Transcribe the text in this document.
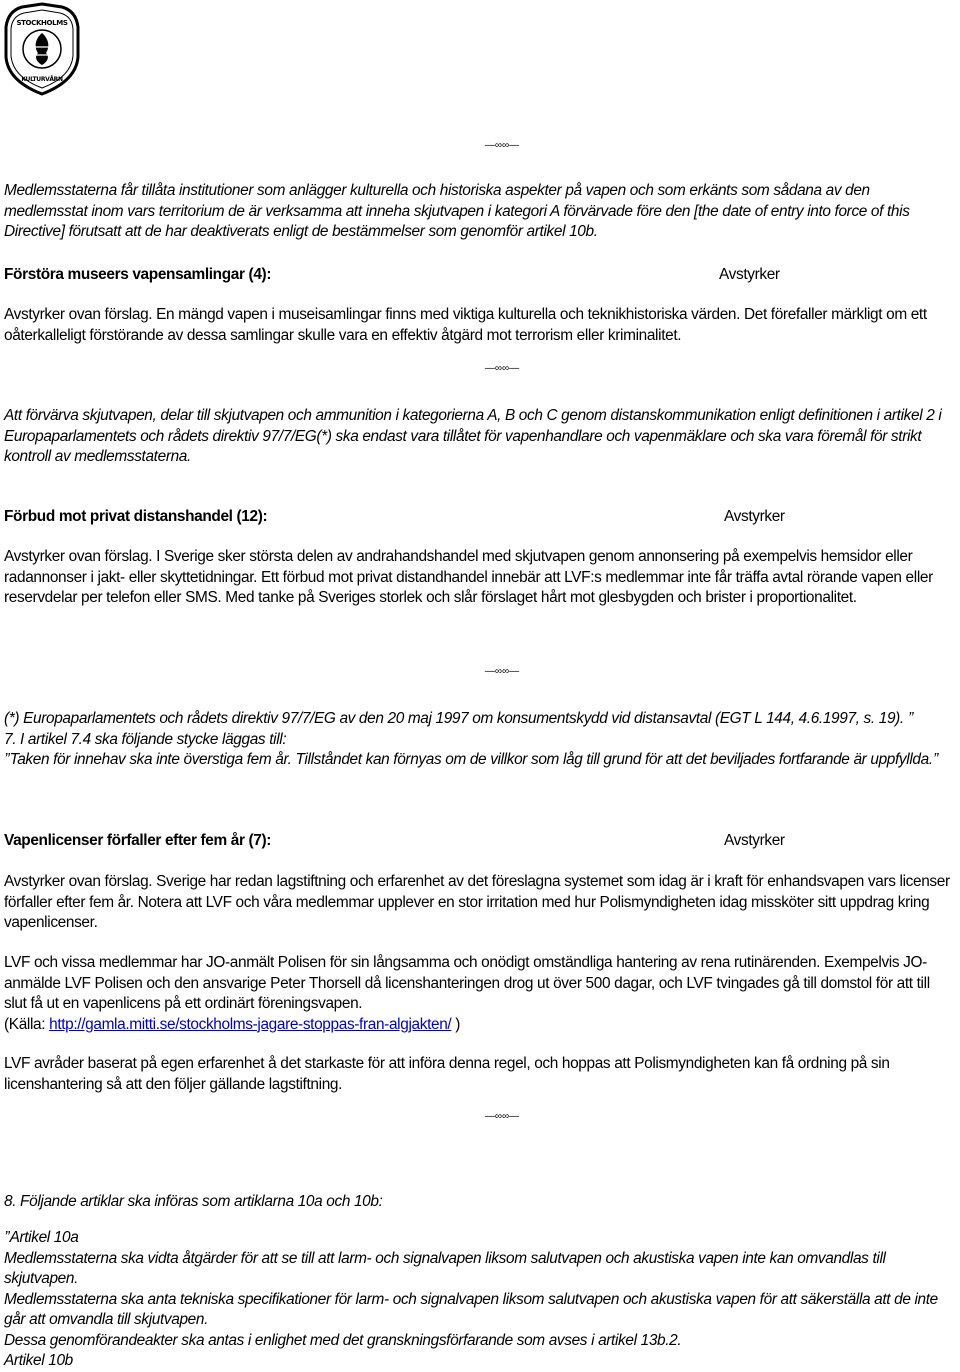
STOCKHOLMS
KULTURVÅRN
—∞∞—
—∞∞—
—∞∞—
—∞∞—

Medlemsstaterna får tillåta institutioner som anlägger kulturella och historiska aspekter på vapen och som erkänts som sådana av den medlemsstat inom vars territorium de är verksamma att inneha skjutvapen i kategori A förvärvade före den [the date of entry into force of this Directive] förutsatt att de har deaktiverats enligt de bestämmelser som genomför artikel 10b.

Förstöra museers vapensamlingar (4):	Avstyrker

Avstyrker ovan förslag. En mängd vapen i museisamlingar finns med viktiga kulturella och teknikhistoriska värden. Det förefaller märkligt om ett oåterkalleligt förstörande av dessa samlingar skulle vara en effektiv åtgärd mot terrorism eller kriminalitet.

Att förvärva skjutvapen, delar till skjutvapen och ammunition i kategorierna A, B och C genom distanskommunikation enligt definitionen i artikel 2 i Europaparlamentets och rådets direktiv 97/7/EG(*) ska endast vara tillåtet för vapenhandlare och vapenmäklare och ska vara föremål för strikt kontroll av medlemsstaterna.

Förbud mot privat distanshandel (12):	Avstyrker

Avstyrker ovan förslag. I Sverige sker största delen av andrahandshandel med skjutvapen genom annonsering på exempelvis hemsidor eller radannonser i jakt- eller skyttetidningar. Ett förbud mot privat distandhandel innebär att LVF:s medlemmar inte får träffa avtal rörande vapen eller reservdelar per telefon eller SMS. Med tanke på Sveriges storlek och slår förslaget hårt mot glesbygden och brister i proportionalitet.

(*) Europaparlamentets och rådets direktiv 97/7/EG av den 20 maj 1997 om konsumentskydd vid distansavtal (EGT L 144, 4.6.1997, s. 19). ’’

7. I artikel 7.4 ska följande stycke läggas till:

’’Taken för innehav ska inte överstiga fem år. Tillståndet kan förnyas om de villkor som låg till grund för att det beviljades fortfarande är uppfyllda.’’

Vapenlicenser förfaller efter fem år (7):	Avstyrker

Avstyrker ovan förslag. Sverige har redan lagstiftning och erfarenhet av det föreslagna systemet som idag är i kraft för enhandsvapen vars licenser förfaller efter fem år. Notera att LVF och våra medlemmar upplever en stor irritation med hur Polismyndigheten idag missköter sitt uppdrag kring vapenlicenser.

LVF och vissa medlemmar har JO-anmält Polisen för sin långsamma och onödigt omständliga hantering av rena rutinärenden. Exempelvis JO-anmälde LVF Polisen och den ansvarige Peter Thorsell då licenshanteringen drog ut över 500 dagar, och LVF tvingades gå till domstol för att till slut få ut en vapenlicens på ett ordinärt föreningsvapen.
(Källa: http://gamla.mitti.se/stockholms-jagare-stoppas-fran-algjakten/ )

LVF avråder baserat på egen erfarenhet å det starkaste för att införa denna regel, och hoppas att Polismyndigheten kan få ordning på sin licenshantering så att den följer gällande lagstiftning.

8. Följande artiklar ska införas som artiklarna 10a och 10b:

’’Artikel 10a

Medlemsstaterna ska vidta åtgärder för att se till att larm- och signalvapen liksom salutvapen och akustiska vapen inte kan omvandlas till skjutvapen.

Medlemsstaterna ska anta tekniska specifikationer för larm- och signalvapen liksom salutvapen och akustiska vapen för att säkerställa att de inte går att omvandla till skjutvapen.

Dessa genomförandeakter ska antas i enlighet med det granskningsförfarande som avses i artikel 13b.2.

Artikel 10b
